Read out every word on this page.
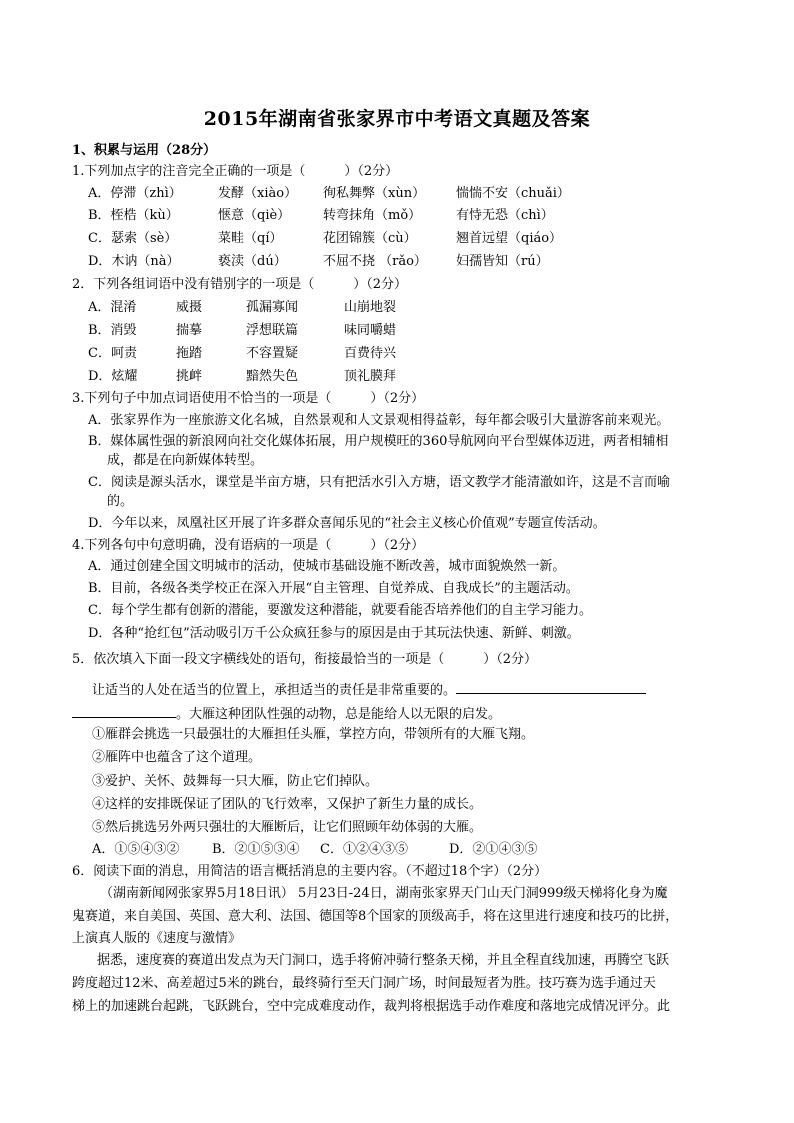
2015年湖南省张家界市中考语文真题及答案
1、积累与运用（28分）
1.下列加点字的注音完全正确的一项是（　　　）（2分）
A．停滞（zhì）	发酵（xiào） 徇私舞弊（xùn） 惴惴不安（chuǎi）
B．桎梏（kù）	惬意（qiè）	转弯抹角（mǒ）	有恃无恐（chì）
C．瑟索（sè）	菜畦（qí）	花团锦簇（cù）	翘首远望（qiáo）
D．木讷（nà）	亵渎（dú）	不屈不挠 （rǎo） 妇孺皆知（rú）
2．下列各组词语中没有错别字的一项是（　　　）（2分）
A．混淆	威摄	孤漏寡闻	山崩地裂
B．消毁	揣摹	浮想联篇	味同嚼蜡
C．呵责	拖踏	不容置疑	百费待兴
D．炫耀	挑衅	黯然失色	顶礼膜拜
3.下列句子中加点词语使用不恰当的一项是（　　　）（2分）
A．张家界作为一座旅游文化名城，自然景观和人文景观相得益彰，每年都会吸引大量游客前来观光。
B．媒体属性强的新浪网向社交化媒体拓展，用户规模旺的360导航网向平台型媒体迈进，两者相辅相
成，都是在向新媒体转型。
C．阅读是源头活水，课堂是半亩方塘，只有把活水引入方塘，语文教学才能清澈如许，这是不言而喻
的。
D．今年以来，凤凰社区开展了许多群众喜闻乐见的“社会主义核心价值观”专题宣传活动。
4.下列各句中句意明确，没有语病的一项是（　　　）（2分）
A．通过创建全国文明城市的活动，使城市基础设施不断改善，城市面貌焕然一新。
B．目前，各级各类学校正在深入开展“自主管理、自觉养成、自我成长”的主题活动。
C．每个学生都有创新的潜能，要激发这种潜能，就要看能否培养他们的自主学习能力。
D．各种“抢红包”活动吸引万千公众疯狂参与的原因是由于其玩法快速、新鲜、刺激。
5．依次填入下面一段文字横线处的语句，衔接最恰当的一项是（　　　）（2分）
让适当的人处在适当的位置上，承担适当的责任是非常重要的。
。大雁这种团队性强的动物，总是能给人以无限的启发。
①雁群会挑选一只最强壮的大雁担任头雁，掌控方向，带领所有的大雁飞翔。
②雁阵中也蕴含了这个道理。
③爱护、关怀、鼓舞每一只大雁，防止它们掉队。
④这样的安排既保证了团队的飞行效率，又保护了新生力量的成长。
⑤然后挑选另外两只强壮的大雁断后，让它们照顾年幼体弱的大雁。
A．①⑤④③②	B．②①⑤③④ C．①②④③⑤	D．②①④③⑤
6．阅读下面的消息，用简洁的语言概括消息的主要内容。（不超过18个字）（2分）
（湖南新闻网张家界5月18日讯） 5月23日-24日，湖南张家界天门山天门洞999级天梯将化身为魔
鬼赛道，来自美国、英国、意大利、法国、德国等8个国家的顶级高手，将在这里进行速度和技巧的比拼，
上演真人版的《速度与激情》
据悉，速度赛的赛道出发点为天门洞口，选手将俯冲骑行整条天梯，并且全程直线加速，再腾空飞跃
跨度超过12米、高差超过5米的跳台，最终骑行至天门洞广场，时间最短者为胜。技巧赛为选手通过天
梯上的加速跳台起跳，飞跃跳台，空中完成难度动作，裁判将根据选手动作难度和落地完成情况评分。此
